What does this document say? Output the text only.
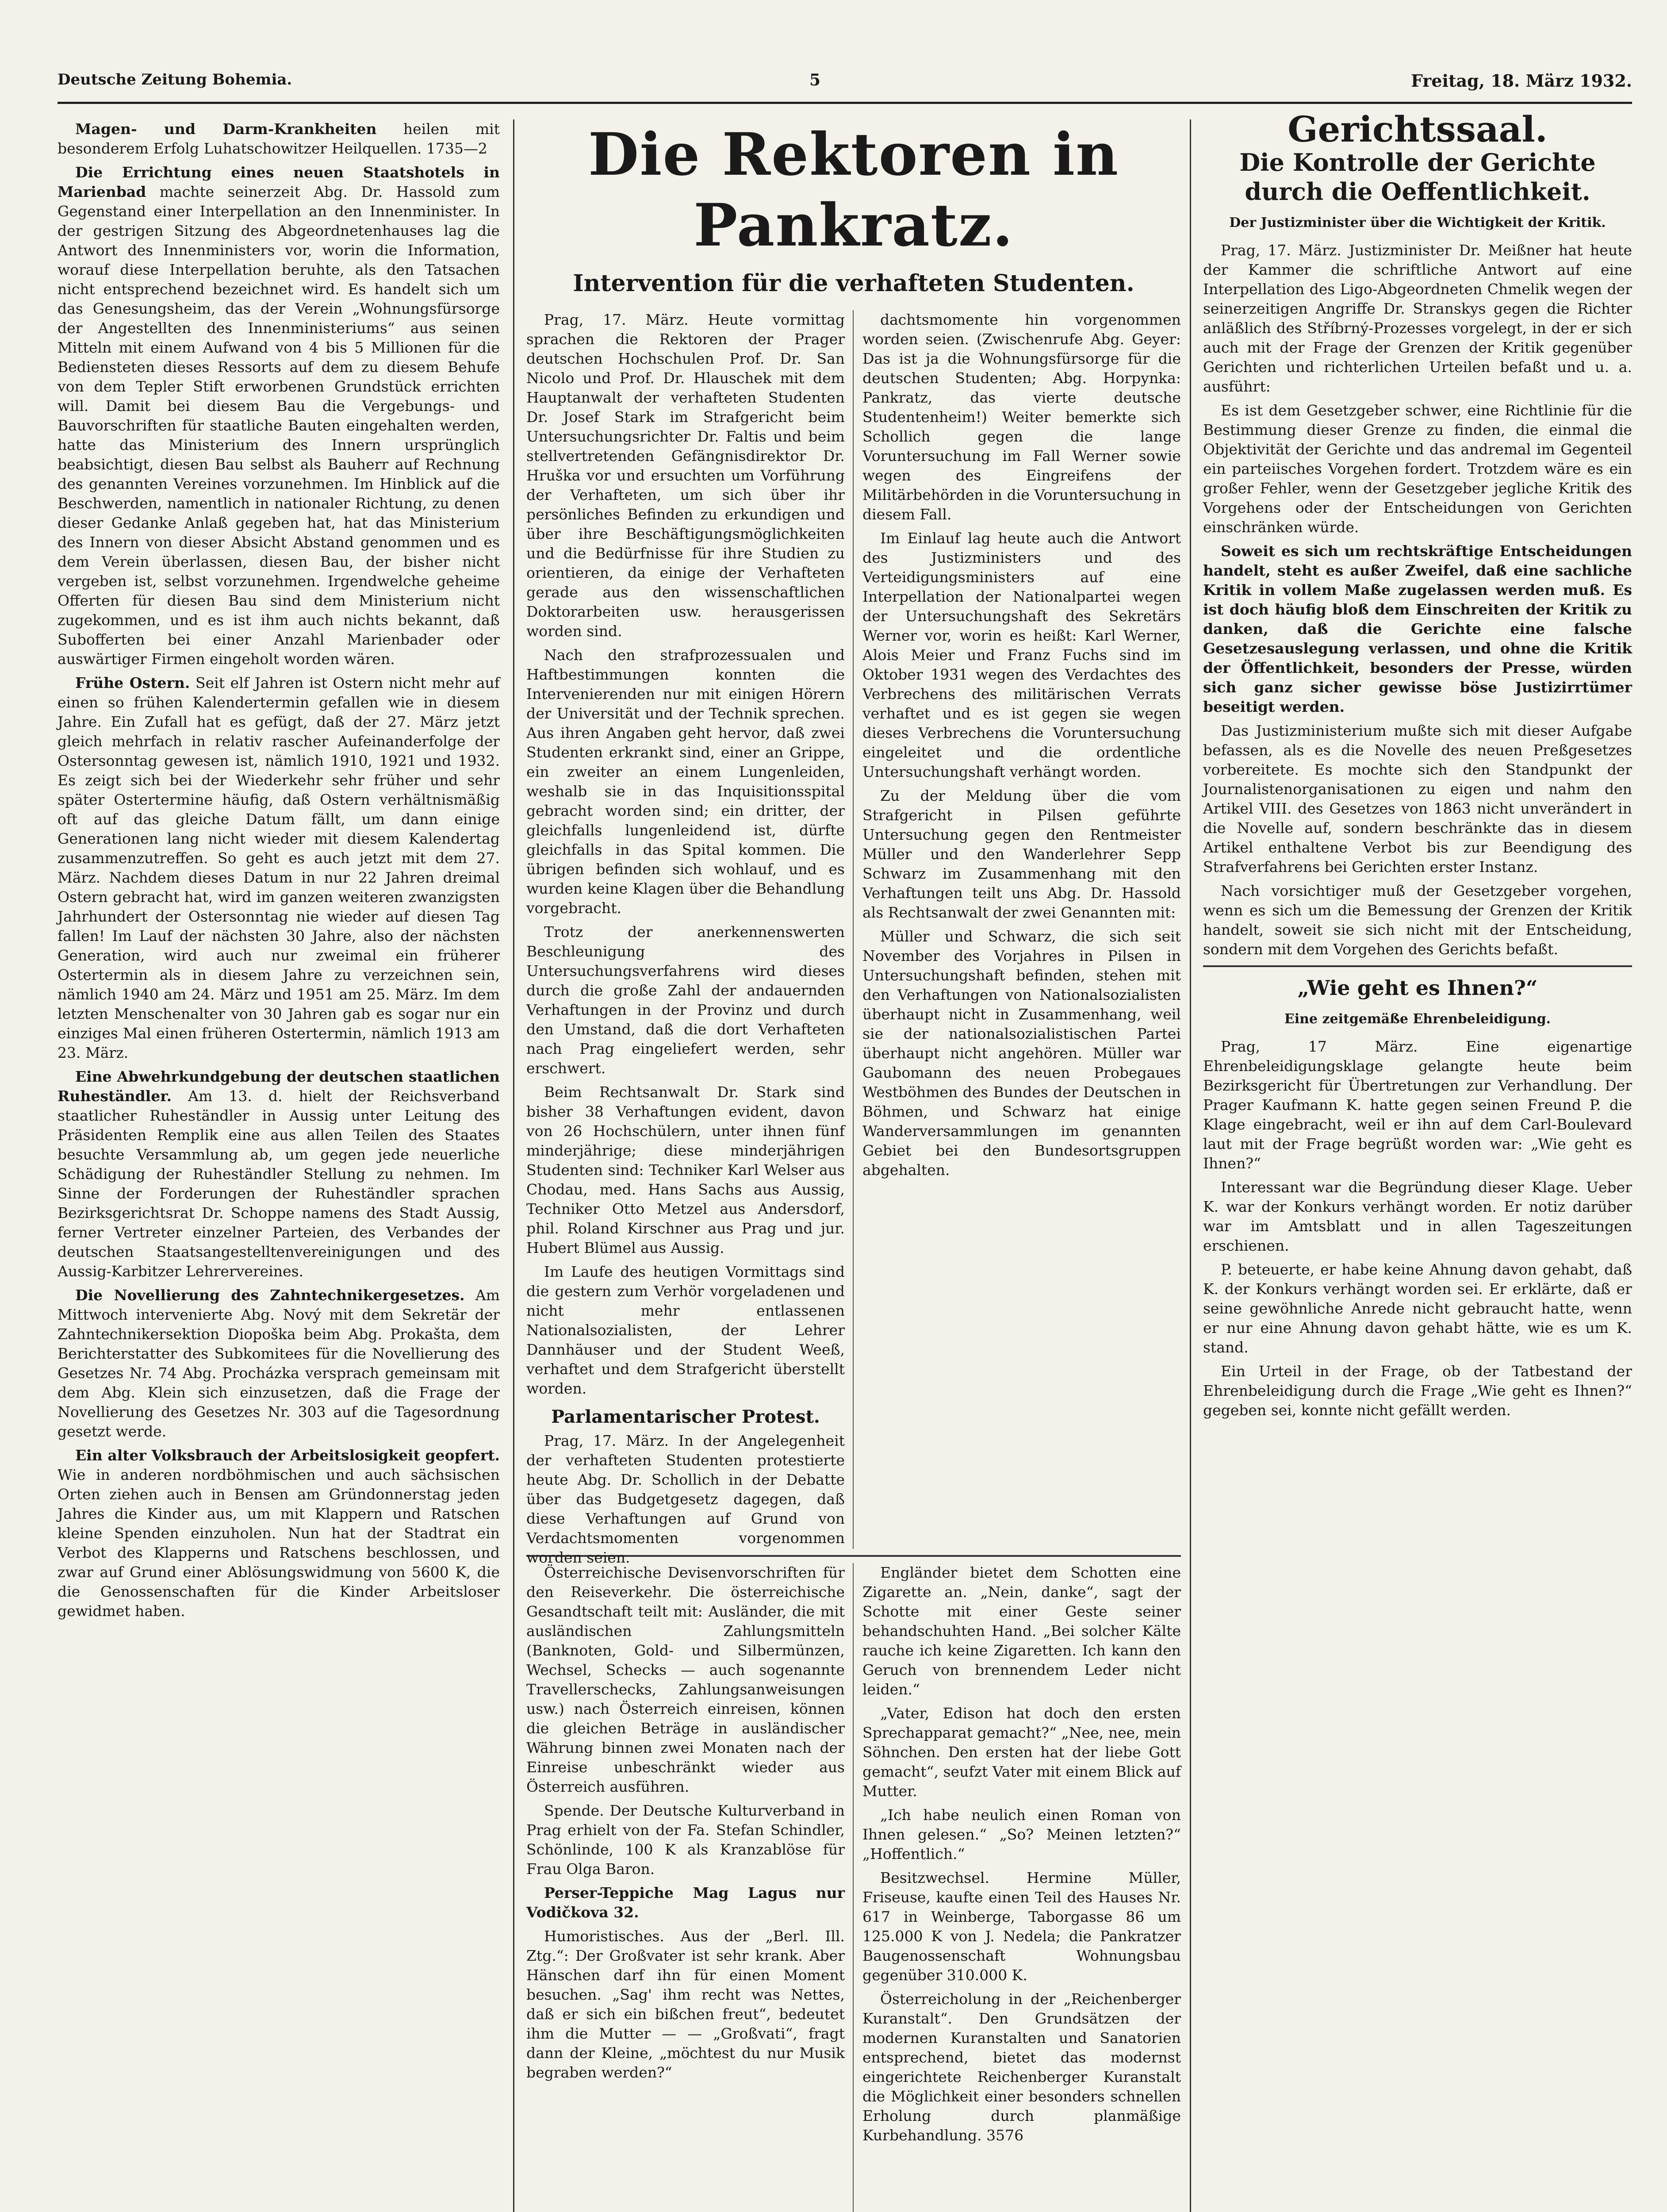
Deutsche Zeitung Bohemia.	5	Freitag, 18. März 1932.

Magen- und Darm-Krankheiten heilen mit besonderem Erfolg Luhatschowitzer Heilquellen. 1735—2

Die Errichtung eines neuen Staatshotels in Marienbad machte seinerzeit Abg. Dr. Hassold zum Gegenstand einer Interpellation an den Innenminister. In der gestrigen Sitzung des Abgeordnetenhauses lag die Antwort des Innenministers vor, worin die Information, worauf diese Interpellation beruhte, als den Tatsachen nicht entsprechend bezeichnet wird. Es handelt sich um das Genesungsheim, das der Verein „Wohnungsfürsorge der Angestellten des Innenministeriums“ aus seinen Mitteln mit einem Aufwand von 4 bis 5 Millionen für die Bediensteten dieses Ressorts auf dem zu diesem Behufe von dem Tepler Stift erworbenen Grundstück errichten will. Damit bei diesem Bau die Vergebungs- und Bauvorschriften für staatliche Bauten eingehalten werden, hatte das Ministerium des Innern ursprünglich beabsichtigt, diesen Bau selbst als Bauherr auf Rechnung des genannten Vereines vorzunehmen. Im Hinblick auf die Beschwerden, namentlich in nationaler Richtung, zu denen dieser Gedanke Anlaß gegeben hat, hat das Ministerium des Innern von dieser Absicht Abstand genommen und es dem Verein überlassen, diesen Bau, der bisher nicht vergeben ist, selbst vorzunehmen. Irgendwelche geheime Offerten für diesen Bau sind dem Ministerium nicht zugekommen, und es ist ihm auch nichts bekannt, daß Subofferten bei einer Anzahl Marienbader oder auswärtiger Firmen eingeholt worden wären.

Frühe Ostern. Seit elf Jahren ist Ostern nicht mehr auf einen so frühen Kalendertermin gefallen wie in diesem Jahre. Ein Zufall hat es gefügt, daß der 27. März jetzt gleich mehrfach in relativ rascher Aufeinanderfolge der Ostersonntag gewesen ist, nämlich 1910, 1921 und 1932. Es zeigt sich bei der Wiederkehr sehr früher und sehr später Ostertermine häufig, daß Ostern verhältnismäßig oft auf das gleiche Datum fällt, um dann einige Generationen lang nicht wieder mit diesem Kalendertag zusammenzutreffen. So geht es auch jetzt mit dem 27. März. Nachdem dieses Datum in nur 22 Jahren dreimal Ostern gebracht hat, wird im ganzen weiteren zwanzigsten Jahrhundert der Ostersonntag nie wieder auf diesen Tag fallen! Im Lauf der nächsten 30 Jahre, also der nächsten Generation, wird auch nur zweimal ein früherer Ostertermin als in diesem Jahre zu verzeichnen sein, nämlich 1940 am 24. März und 1951 am 25. März. Im dem letzten Menschenalter von 30 Jahren gab es sogar nur ein einziges Mal einen früheren Ostertermin, nämlich 1913 am 23. März.

Eine Abwehrkundgebung der deutschen staatlichen Ruheständler. Am 13. d. hielt der Reichsverband staatlicher Ruheständler in Aussig unter Leitung des Präsidenten Remplik eine aus allen Teilen des Staates besuchte Versammlung ab, um gegen jede neuerliche Schädigung der Ruheständler Stellung zu nehmen. Im Sinne der Forderungen der Ruheständler sprachen Bezirksgerichtsrat Dr. Schoppe namens des Stadt Aussig, ferner Vertreter einzelner Parteien, des Verbandes der deutschen Staatsangestelltenvereinigungen und des Aussig-Karbitzer Lehrervereines.

Die Novellierung des Zahntechnikergesetzes. Am Mittwoch intervenierte Abg. Nový mit dem Sekretär der Zahntechnikersektion Diopoška beim Abg. Prokašta, dem Berichterstatter des Subkomitees für die Novellierung des Gesetzes Nr. 74 Abg. Procházka versprach gemeinsam mit dem Abg. Klein sich einzusetzen, daß die Frage der Novellierung des Gesetzes Nr. 303 auf die Tagesordnung gesetzt werde.

Ein alter Volksbrauch der Arbeitslosigkeit geopfert. Wie in anderen nordböhmischen und auch sächsischen Orten ziehen auch in Bensen am Gründonnerstag jeden Jahres die Kinder aus, um mit Klappern und Ratschen kleine Spenden einzuholen. Nun hat der Stadtrat ein Verbot des Klapperns und Ratschens beschlossen, und zwar auf Grund einer Ablösungswidmung von 5600 K, die die Genossenschaften für die Kinder Arbeitsloser gewidmet haben.

Die Rektoren in Pankratz.
Intervention für die verhafteten Studenten.

Prag, 17. März. Heute vormittag sprachen die Rektoren der Prager deutschen Hochschulen Prof. Dr. San Nicolo und Prof. Dr. Hlauschek mit dem Hauptanwalt der verhafteten Studenten Dr. Josef Stark im Strafgericht beim Untersuchungsrichter Dr. Faltis und beim stellvertretenden Gefängnisdirektor Dr. Hruška vor und ersuchten um Vorführung der Verhafteten, um sich über ihr persönliches Befinden zu erkundigen und über ihre Beschäftigungsmöglichkeiten und die Bedürfnisse für ihre Studien zu orientieren, da einige der Verhafteten gerade aus den wissenschaftlichen Doktorarbeiten usw. herausgerissen worden sind.

Nach den strafprozessualen und Haftbestimmungen konnten die Intervenierenden nur mit einigen Hörern der Universität und der Technik sprechen. Aus ihren Angaben geht hervor, daß zwei Studenten erkrankt sind, einer an Grippe, ein zweiter an einem Lungenleiden, weshalb sie in das Inquisitionsspital gebracht worden sind; ein dritter, der gleichfalls lungenleidend ist, dürfte gleichfalls in das Spital kommen. Die übrigen befinden sich wohlauf, und es wurden keine Klagen über die Behandlung vorgebracht.

Trotz der anerkennenswerten Beschleunigung des Untersuchungsverfahrens wird dieses durch die große Zahl der andauernden Verhaftungen in der Provinz und durch den Umstand, daß die dort Verhafteten nach Prag eingeliefert werden, sehr erschwert.

Beim Rechtsanwalt Dr. Stark sind bisher 38 Verhaftungen evident, davon von 26 Hochschülern, unter ihnen fünf minderjährige; diese minderjährigen Studenten sind: Techniker Karl Welser aus Chodau, med. Hans Sachs aus Aussig, Techniker Otto Metzel aus Andersdorf, phil. Roland Kirschner aus Prag und jur. Hubert Blümel aus Aussig.

Im Laufe des heutigen Vormittags sind die gestern zum Verhör vorgeladenen und nicht mehr entlassenen Nationalsozialisten, der Lehrer Dannhäuser und der Student Weeß, verhaftet und dem Strafgericht überstellt worden.

Parlamentarischer Protest.

Prag, 17. März. In der Angelegenheit der verhafteten Studenten protestierte heute Abg. Dr. Schollich in der Debatte über das Budgetgesetz dagegen, daß diese Verhaftungen auf Grund von Verdachtsmomenten vorgenommen worden seien.

dachtsmomente hin vorgenommen worden seien. (Zwischenrufe Abg. Geyer: Das ist ja die Wohnungsfürsorge für die deutschen Studenten; Abg. Horpynka: Pankratz, das vierte deutsche Studentenheim!) Weiter bemerkte sich Schollich gegen die lange Voruntersuchung im Fall Werner sowie wegen des Eingreifens der Militärbehörden in die Voruntersuchung in diesem Fall.

Im Einlauf lag heute auch die Antwort des Justizministers und des Verteidigungsministers auf eine Interpellation der Nationalpartei wegen der Untersuchungshaft des Sekretärs Werner vor, worin es heißt: Karl Werner, Alois Meier und Franz Fuchs sind im Oktober 1931 wegen des Verdachtes des Verbrechens des militärischen Verrats verhaftet und es ist gegen sie wegen dieses Verbrechens die Voruntersuchung eingeleitet und die ordentliche Untersuchungshaft verhängt worden.

Zu der Meldung über die vom Strafgericht in Pilsen geführte Untersuchung gegen den Rentmeister Müller und den Wanderlehrer Sepp Schwarz im Zusammenhang mit den Verhaftungen teilt uns Abg. Dr. Hassold als Rechtsanwalt der zwei Genannten mit:

Müller und Schwarz, die sich seit November des Vorjahres in Pilsen in Untersuchungshaft befinden, stehen mit den Verhaftungen von Nationalsozialisten überhaupt nicht in Zusammenhang, weil sie der nationalsozialistischen Partei überhaupt nicht angehören. Müller war Gaubomann des neuen Probegaues Westböhmen des Bundes der Deutschen in Böhmen, und Schwarz hat einige Wanderversammlungen im genannten Gebiet bei den Bundesortsgruppen abgehalten.

Österreichische Devisenvorschriften für den Reiseverkehr. Die österreichische Gesandtschaft teilt mit: Ausländer, die mit ausländischen Zahlungsmitteln (Banknoten, Gold- und Silbermünzen, Wechsel, Schecks — auch sogenannte Travellerschecks, Zahlungsanweisungen usw.) nach Österreich einreisen, können die gleichen Beträge in ausländischer Währung binnen zwei Monaten nach der Einreise unbeschränkt wieder aus Österreich ausführen.

Spende. Der Deutsche Kulturverband in Prag erhielt von der Fa. Stefan Schindler, Schönlinde, 100 K als Kranzablöse für Frau Olga Baron.

Perser-Teppiche Mag Lagus nur Vodičkova 32.

Humoristisches. Aus der „Berl. Ill. Ztg.“: Der Großvater ist sehr krank. Aber Hänschen darf ihn für einen Moment besuchen. „Sag' ihm recht was Nettes, daß er sich ein bißchen freut“, bedeutet ihm die Mutter — — „Großvati“, fragt dann der Kleine, „möchtest du nur Musik begraben werden?“

Engländer bietet dem Schotten eine Zigarette an. „Nein, danke“, sagt der Schotte mit einer Geste seiner behandschuhten Hand. „Bei solcher Kälte rauche ich keine Zigaretten. Ich kann den Geruch von brennendem Leder nicht leiden.“

„Vater, Edison hat doch den ersten Sprechapparat gemacht?“ „Nee, nee, mein Söhnchen. Den ersten hat der liebe Gott gemacht“, seufzt Vater mit einem Blick auf Mutter.

„Ich habe neulich einen Roman von Ihnen gelesen.“ „So? Meinen letzten?“ „Hoffentlich.“

Besitzwechsel. Hermine Müller, Friseuse, kaufte einen Teil des Hauses Nr. 617 in Weinberge, Taborgasse 86 um 125.000 K von J. Nedela; die Pankratzer Baugenossenschaft Wohnungsbau gegenüber 310.000 K.

Österreicholung in der „Reichenberger Kuranstalt“. Den Grundsätzen der modernen Kuranstalten und Sanatorien entsprechend, bietet das modernst eingerichtete Reichenberger Kuranstalt die Möglichkeit einer besonders schnellen Erholung durch planmäßige Kurbehandlung. 3576

Gerichtssaal.
Die Kontrolle der Gerichte durch die Oeffentlichkeit.
Der Justizminister über die Wichtigkeit der Kritik.

Prag, 17. März. Justizminister Dr. Meißner hat heute der Kammer die schriftliche Antwort auf eine Interpellation des Ligo-Abgeordneten Chmelik wegen der seinerzeitigen Angriffe Dr. Stranskys gegen die Richter anläßlich des Stříbrný-Prozesses vorgelegt, in der er sich auch mit der Frage der Grenzen der Kritik gegenüber Gerichten und richterlichen Urteilen befaßt und u. a. ausführt:

Es ist dem Gesetzgeber schwer, eine Richtlinie für die Bestimmung dieser Grenze zu finden, die einmal die Objektivität der Gerichte und das andremal im Gegenteil ein parteiisches Vorgehen fordert. Trotzdem wäre es ein großer Fehler, wenn der Gesetzgeber jegliche Kritik des Vorgehens oder der Entscheidungen von Gerichten einschränken würde.

Soweit es sich um rechtskräftige Entscheidungen handelt, steht es außer Zweifel, daß eine sachliche Kritik in vollem Maße zugelassen werden muß. Es ist doch häufig bloß dem Einschreiten der Kritik zu danken, daß die Gerichte eine falsche Gesetzesauslegung verlassen, und ohne die Kritik der Öffentlichkeit, besonders der Presse, würden sich ganz sicher gewisse böse Justizirrtümer beseitigt werden.

Das Justizministerium mußte sich mit dieser Aufgabe befassen, als es die Novelle des neuen Preßgesetzes vorbereitete. Es mochte sich den Standpunkt der Journalistenorganisationen zu eigen und nahm den Artikel VIII. des Gesetzes von 1863 nicht unverändert in die Novelle auf, sondern beschränkte das in diesem Artikel enthaltene Verbot bis zur Beendigung des Strafverfahrens bei Gerichten erster Instanz.

Nach vorsichtiger muß der Gesetzgeber vorgehen, wenn es sich um die Bemessung der Grenzen der Kritik handelt, soweit sie sich nicht mit der Entscheidung, sondern mit dem Vorgehen des Gerichts befaßt.

„Wie geht es Ihnen?“
Eine zeitgemäße Ehrenbeleidigung.

Prag, 17 März. Eine eigenartige Ehrenbeleidigungsklage gelangte heute beim Bezirksgericht für Übertretungen zur Verhandlung. Der Prager Kaufmann K. hatte gegen seinen Freund P. die Klage eingebracht, weil er ihn auf dem Carl-Boulevard laut mit der Frage begrüßt worden war: „Wie geht es Ihnen?“

Interessant war die Begründung dieser Klage. Ueber K. war der Konkurs verhängt worden. Er notiz darüber war im Amtsblatt und in allen Tageszeitungen erschienen.

P. beteuerte, er habe keine Ahnung davon gehabt, daß K. der Konkurs verhängt worden sei. Er erklärte, daß er seine gewöhnliche Anrede nicht gebraucht hatte, wenn er nur eine Ahnung davon gehabt hätte, wie es um K. stand.

Ein Urteil in der Frage, ob der Tatbestand der Ehrenbeleidigung durch die Frage „Wie geht es Ihnen?“ gegeben sei, konnte nicht gefällt werden.
